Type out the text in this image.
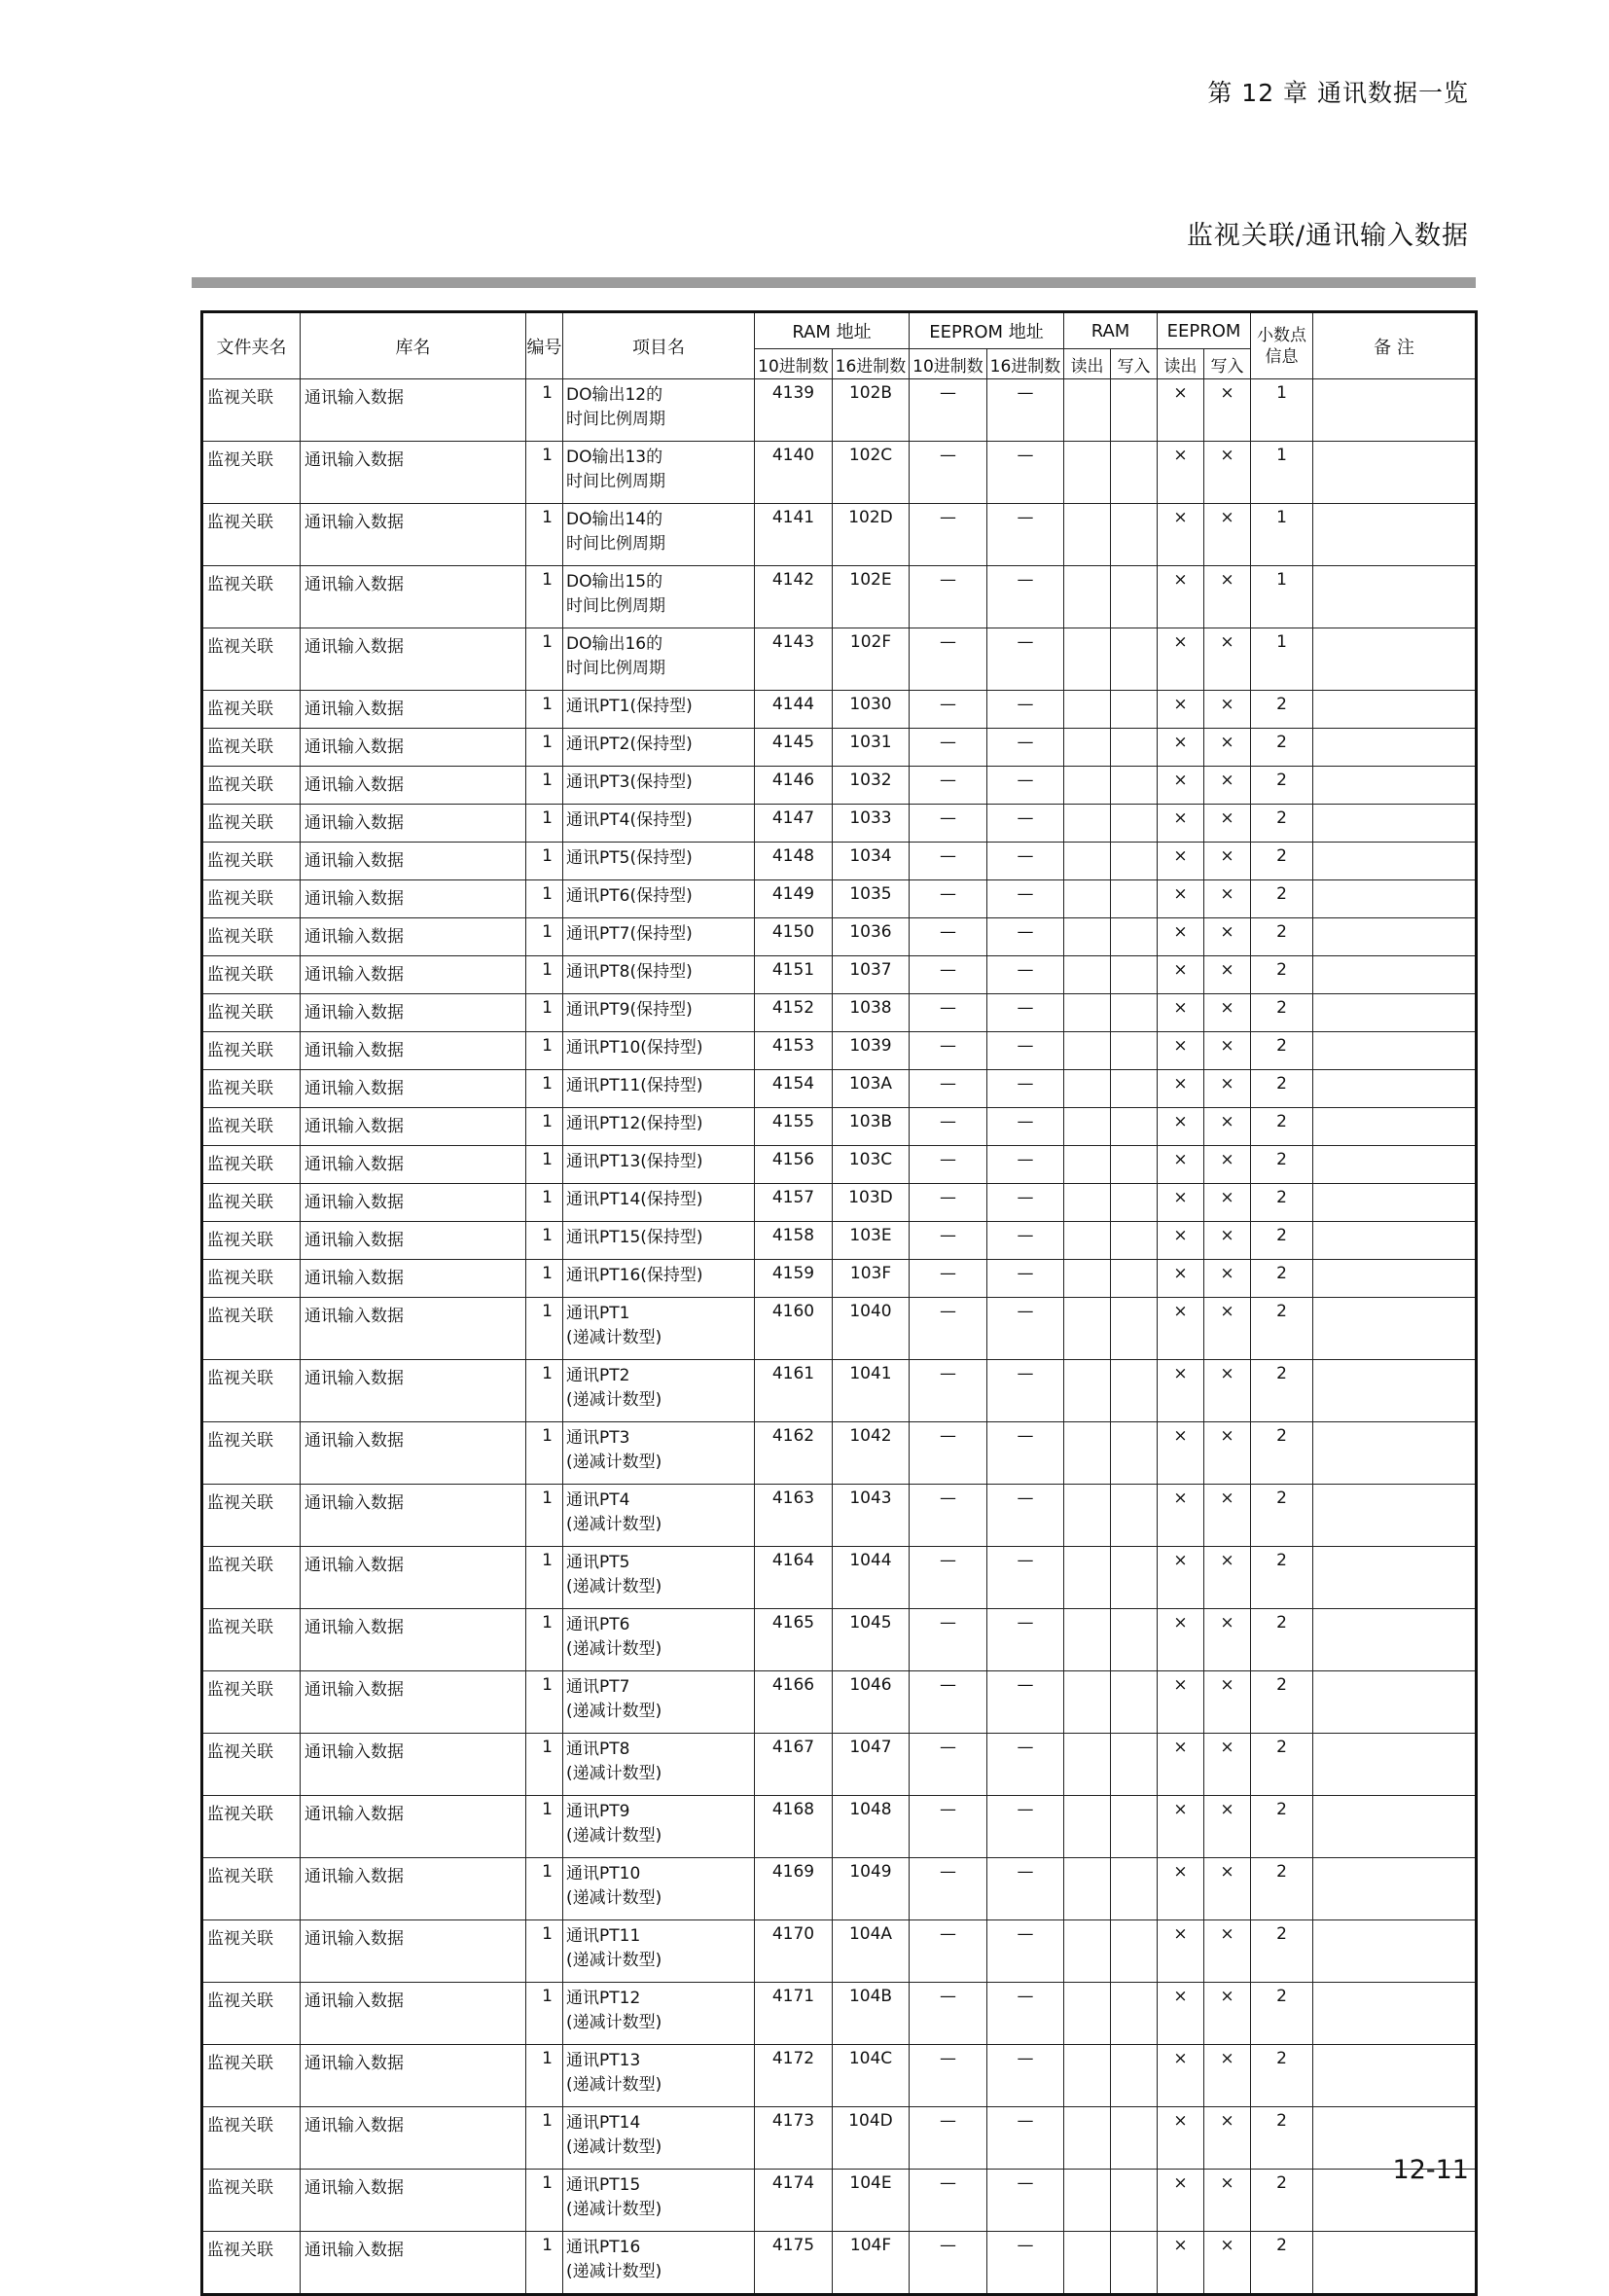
第 12 章 通讯数据一览
监视关联/通讯输入数据
文件夹名	库名	编号	项目名	RAM 地址		EEPROM 地址		RAM		EEPROM		小数点信息	备 注
				10进制数	16进制数	10进制数	16进制数	读出	写入	读出	写入		
监视关联	通讯输入数据	1	DO输出12的
时间比例周期	4139	102B	—	—			×	×	1	
监视关联	通讯输入数据	1	DO输出13的
时间比例周期	4140	102C	—	—			×	×	1	
监视关联	通讯输入数据	1	DO输出14的
时间比例周期	4141	102D	—	—			×	×	1	
监视关联	通讯输入数据	1	DO输出15的
时间比例周期	4142	102E	—	—			×	×	1	
监视关联	通讯输入数据	1	DO输出16的
时间比例周期	4143	102F	—	—			×	×	1	
监视关联	通讯输入数据	1	通讯PT1(保持型)	4144	1030	—	—			×	×	2	
监视关联	通讯输入数据	1	通讯PT2(保持型)	4145	1031	—	—			×	×	2	
监视关联	通讯输入数据	1	通讯PT3(保持型)	4146	1032	—	—			×	×	2	
监视关联	通讯输入数据	1	通讯PT4(保持型)	4147	1033	—	—			×	×	2	
监视关联	通讯输入数据	1	通讯PT5(保持型)	4148	1034	—	—			×	×	2	
监视关联	通讯输入数据	1	通讯PT6(保持型)	4149	1035	—	—			×	×	2	
监视关联	通讯输入数据	1	通讯PT7(保持型)	4150	1036	—	—			×	×	2	
监视关联	通讯输入数据	1	通讯PT8(保持型)	4151	1037	—	—			×	×	2	
监视关联	通讯输入数据	1	通讯PT9(保持型)	4152	1038	—	—			×	×	2	
监视关联	通讯输入数据	1	通讯PT10(保持型)	4153	1039	—	—			×	×	2	
监视关联	通讯输入数据	1	通讯PT11(保持型)	4154	103A	—	—			×	×	2	
监视关联	通讯输入数据	1	通讯PT12(保持型)	4155	103B	—	—			×	×	2	
监视关联	通讯输入数据	1	通讯PT13(保持型)	4156	103C	—	—			×	×	2	
监视关联	通讯输入数据	1	通讯PT14(保持型)	4157	103D	—	—			×	×	2	
监视关联	通讯输入数据	1	通讯PT15(保持型)	4158	103E	—	—			×	×	2	
监视关联	通讯输入数据	1	通讯PT16(保持型)	4159	103F	—	—			×	×	2	
监视关联	通讯输入数据	1	通讯PT1
(递减计数型)	4160	1040	—	—			×	×	2	
监视关联	通讯输入数据	1	通讯PT2
(递减计数型)	4161	1041	—	—			×	×	2	
监视关联	通讯输入数据	1	通讯PT3
(递减计数型)	4162	1042	—	—			×	×	2	
监视关联	通讯输入数据	1	通讯PT4
(递减计数型)	4163	1043	—	—			×	×	2	
监视关联	通讯输入数据	1	通讯PT5
(递减计数型)	4164	1044	—	—			×	×	2	
监视关联	通讯输入数据	1	通讯PT6
(递减计数型)	4165	1045	—	—			×	×	2	
监视关联	通讯输入数据	1	通讯PT7
(递减计数型)	4166	1046	—	—			×	×	2	
监视关联	通讯输入数据	1	通讯PT8
(递减计数型)	4167	1047	—	—			×	×	2	
监视关联	通讯输入数据	1	通讯PT9
(递减计数型)	4168	1048	—	—			×	×	2	
监视关联	通讯输入数据	1	通讯PT10
(递减计数型)	4169	1049	—	—			×	×	2	
监视关联	通讯输入数据	1	通讯PT11
(递减计数型)	4170	104A	—	—			×	×	2	
监视关联	通讯输入数据	1	通讯PT12
(递减计数型)	4171	104B	—	—			×	×	2	
监视关联	通讯输入数据	1	通讯PT13
(递减计数型)	4172	104C	—	—			×	×	2	
监视关联	通讯输入数据	1	通讯PT14
(递减计数型)	4173	104D	—	—			×	×	2	
监视关联	通讯输入数据	1	通讯PT15
(递减计数型)	4174	104E	—	—			×	×	2	
监视关联	通讯输入数据	1	通讯PT16
(递减计数型)	4175	104F	—	—			×	×	2	
12-11
